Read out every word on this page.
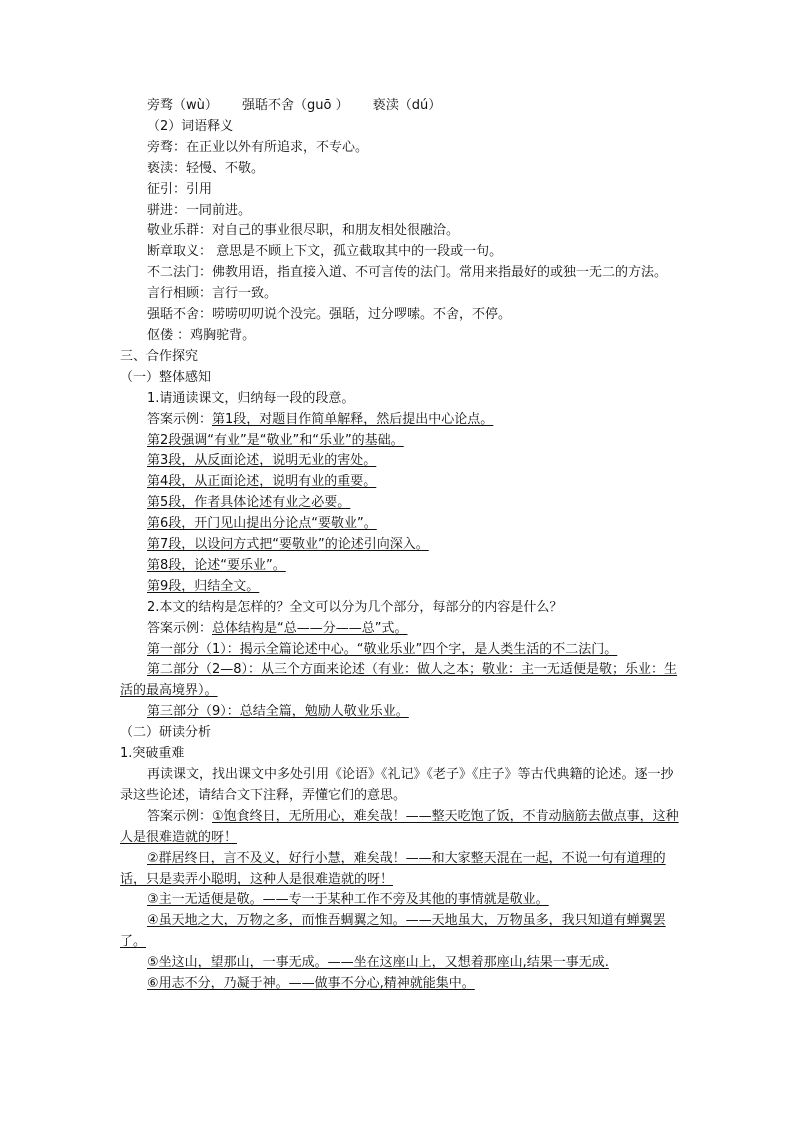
旁骛（wù） 强聒不舍（guō ） 亵渎（dú）
（2）词语释义
旁骛：在正业以外有所追求，不专心。
亵渎：轻慢、不敬。
征引：引用
骈进：一同前进。
敬业乐群：对自己的事业很尽职，和朋友相处很融洽。
断章取义： 意思是不顾上下文，孤立截取其中的一段或一句。
不二法门：佛教用语，指直接入道、不可言传的法门。常用来指最好的或独一无二的方法。
言行相顾：言行一致。
强聒不舍：唠唠叨叨说个没完。强聒，过分啰嗦。不舍，不停。
伛偻 ：鸡胸驼背。
三、合作探究
（一）整体感知
1.请通读课文，归纳每一段的段意。
答案示例：第1段，对题目作简单解释，然后提出中心论点。
第2段强调“有业”是“敬业”和“乐业”的基础。
第3段，从反面论述，说明无业的害处。
第4段，从正面论述，说明有业的重要。
第5段，作者具体论述有业之必要。
第6段，开门见山提出分论点“要敬业”。
第7段，以设问方式把“要敬业”的论述引向深入。
第8段，论述“要乐业”。
第9段，归结全文。
2.本文的结构是怎样的？全文可以分为几个部分，每部分的内容是什么？
答案示例：总体结构是“总——分——总”式。
第一部分（1）：揭示全篇论述中心。“敬业乐业”四个字，是人类生活的不二法门。
第二部分（2—8）：从三个方面来论述（有业：做人之本；敬业：主一无适便是敬；乐业：生活的最高境界）。
第三部分（9）：总结全篇，勉励人敬业乐业。
（二）研读分析
1.突破重难
再读课文，找出课文中多处引用《论语》《礼记》《老子》《庄子》等古代典籍的论述。逐一抄录这些论述，请结合文下注释，弄懂它们的意思。
答案示例：①饱食终日，无所用心，难矣哉！——整天吃饱了饭，不肯动脑筋去做点事，这种人是很难造就的呀！
②群居终日，言不及义，好行小慧，难矣哉！——和大家整天混在一起，不说一句有道理的话，只是卖弄小聪明，这种人是很难造就的呀！
③主一无适便是敬。——专一于某种工作不旁及其他的事情就是敬业。
④虽天地之大，万物之多，而惟吾蜩翼之知。——天地虽大，万物虽多，我只知道有蝉翼罢了。
⑤坐这山，望那山，一事无成。——坐在这座山上，又想着那座山,结果一事无成.
⑥用志不分，乃凝于神。——做事不分心,精神就能集中。
